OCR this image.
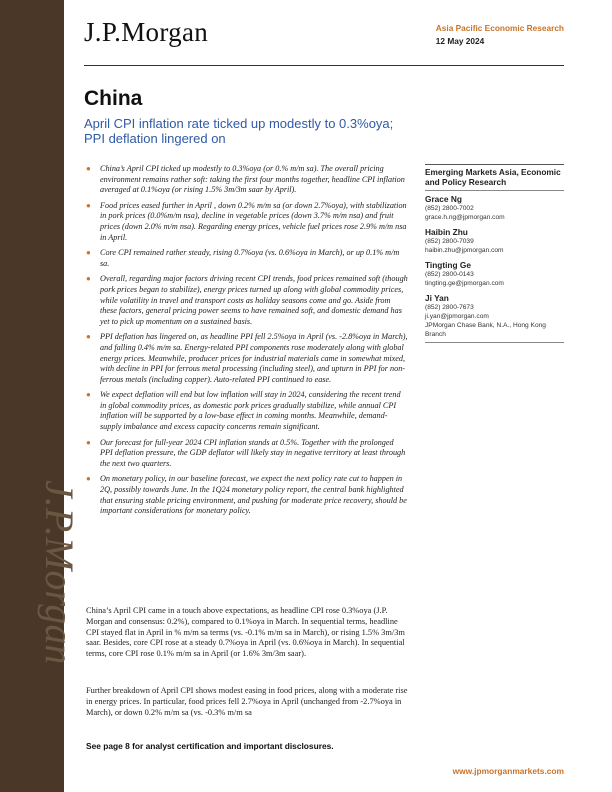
J.P.Morgan
J.P.Morgan	Asia Pacific Economic Research
12 May 2024
China
April CPI inflation rate ticked up modestly to 0.3%oya; PPI deflation lingered on
● China’s April CPI ticked up modestly to 0.3%oya (or 0.% m/m sa). The overall pricing environment remains rather soft: taking the first four months together, headline CPI inflation averaged at 0.1%oya (or rising 1.5% 3m/3m saar by April).
● Food prices eased further in April , down 0.2% m/m sa (or down 2.7%oya), with stabilization in pork prices (0.0%m/m nsa), decline in vegetable prices (down 3.7% m/m nsa) and fruit prices (down 2.0% m/m nsa). Regarding energy prices, vehicle fuel prices rose 2.9% m/m nsa in April.
● Core CPI remained rather steady, rising 0.7%oya (vs. 0.6%oya in March), or up 0.1% m/m sa.
● Overall, regarding major factors driving recent CPI trends, food prices remained soft (though pork prices began to stabilize), energy prices turned up along with global commodity prices, while volatility in travel and transport costs as holiday seasons come and go. Aside from these factors, general pricing power seems to have remained soft, and domestic demand has yet to pick up momentum on a sustained basis.
● PPI deflation has lingered on, as headline PPI fell 2.5%oya in April (vs. -2.8%oya in March), and falling 0.4% m/m sa. Energy-related PPI components rose moderately along with global energy prices. Meanwhile, producer prices for industrial materials came in somewhat mixed, with decline in PPI for ferrous metal processing (including steel), and upturn in PPI for non-ferrous metals (including copper). Auto-related PPI continued to ease.
● We expect deflation will end but low inflation will stay in 2024, considering the recent trend in global commodity prices, as domestic pork prices gradually stabilize, while annual CPI inflation will be supported by a low-base effect in coming months. Meanwhile, demand-supply imbalance and excess capacity concerns remain significant.
● Our forecast for full-year 2024 CPI inflation stands at 0.5%. Together with the prolonged PPI deflation pressure, the GDP deflator will likely stay in negative territory at least through the next two quarters.
● On monetary policy, in our baseline forecast, we expect the next policy rate cut to happen in 2Q, possibly towards June. In the 1Q24 monetary policy report, the central bank highlighted that ensuring stable pricing environment, and pushing for moderate price recovery, should be important considerations for monetary policy.

China’s April CPI came in a touch above expectations, as headline CPI rose 0.3%oya (J.P. Morgan and consensus: 0.2%), compared to 0.1%oya in March. In sequential terms, headline CPI stayed flat in April in % m/m sa terms (vs. -0.1% m/m sa in March), or rising 1.5% 3m/3m saar. Besides, core CPI rose at a steady 0.7%oya in April (vs. 0.6%oya in March). In sequential terms, core CPI rose 0.1% m/m sa in April (or 1.6% 3m/3m saar).

Further breakdown of April CPI shows modest easing in food prices, along with a moderate rise in energy prices. In particular, food prices fell 2.7%oya in April (unchanged from -2.7%oya in March), or down 0.2% m/m sa (vs. -0.3% m/m sa

Emerging Markets Asia, Economic and Policy Research
Grace Ng
(852) 2800-7002
grace.h.ng@jpmorgan.com
Haibin Zhu
(852) 2800-7039
haibin.zhu@jpmorgan.com
Tingting Ge
(852) 2800-0143
tingting.ge@jpmorgan.com
Ji Yan
(852) 2800-7673
ji.yan@jpmorgan.com
JPMorgan Chase Bank, N.A., Hong Kong Branch
See page 8 for analyst certification and important disclosures.
www.jpmorganmarkets.com
